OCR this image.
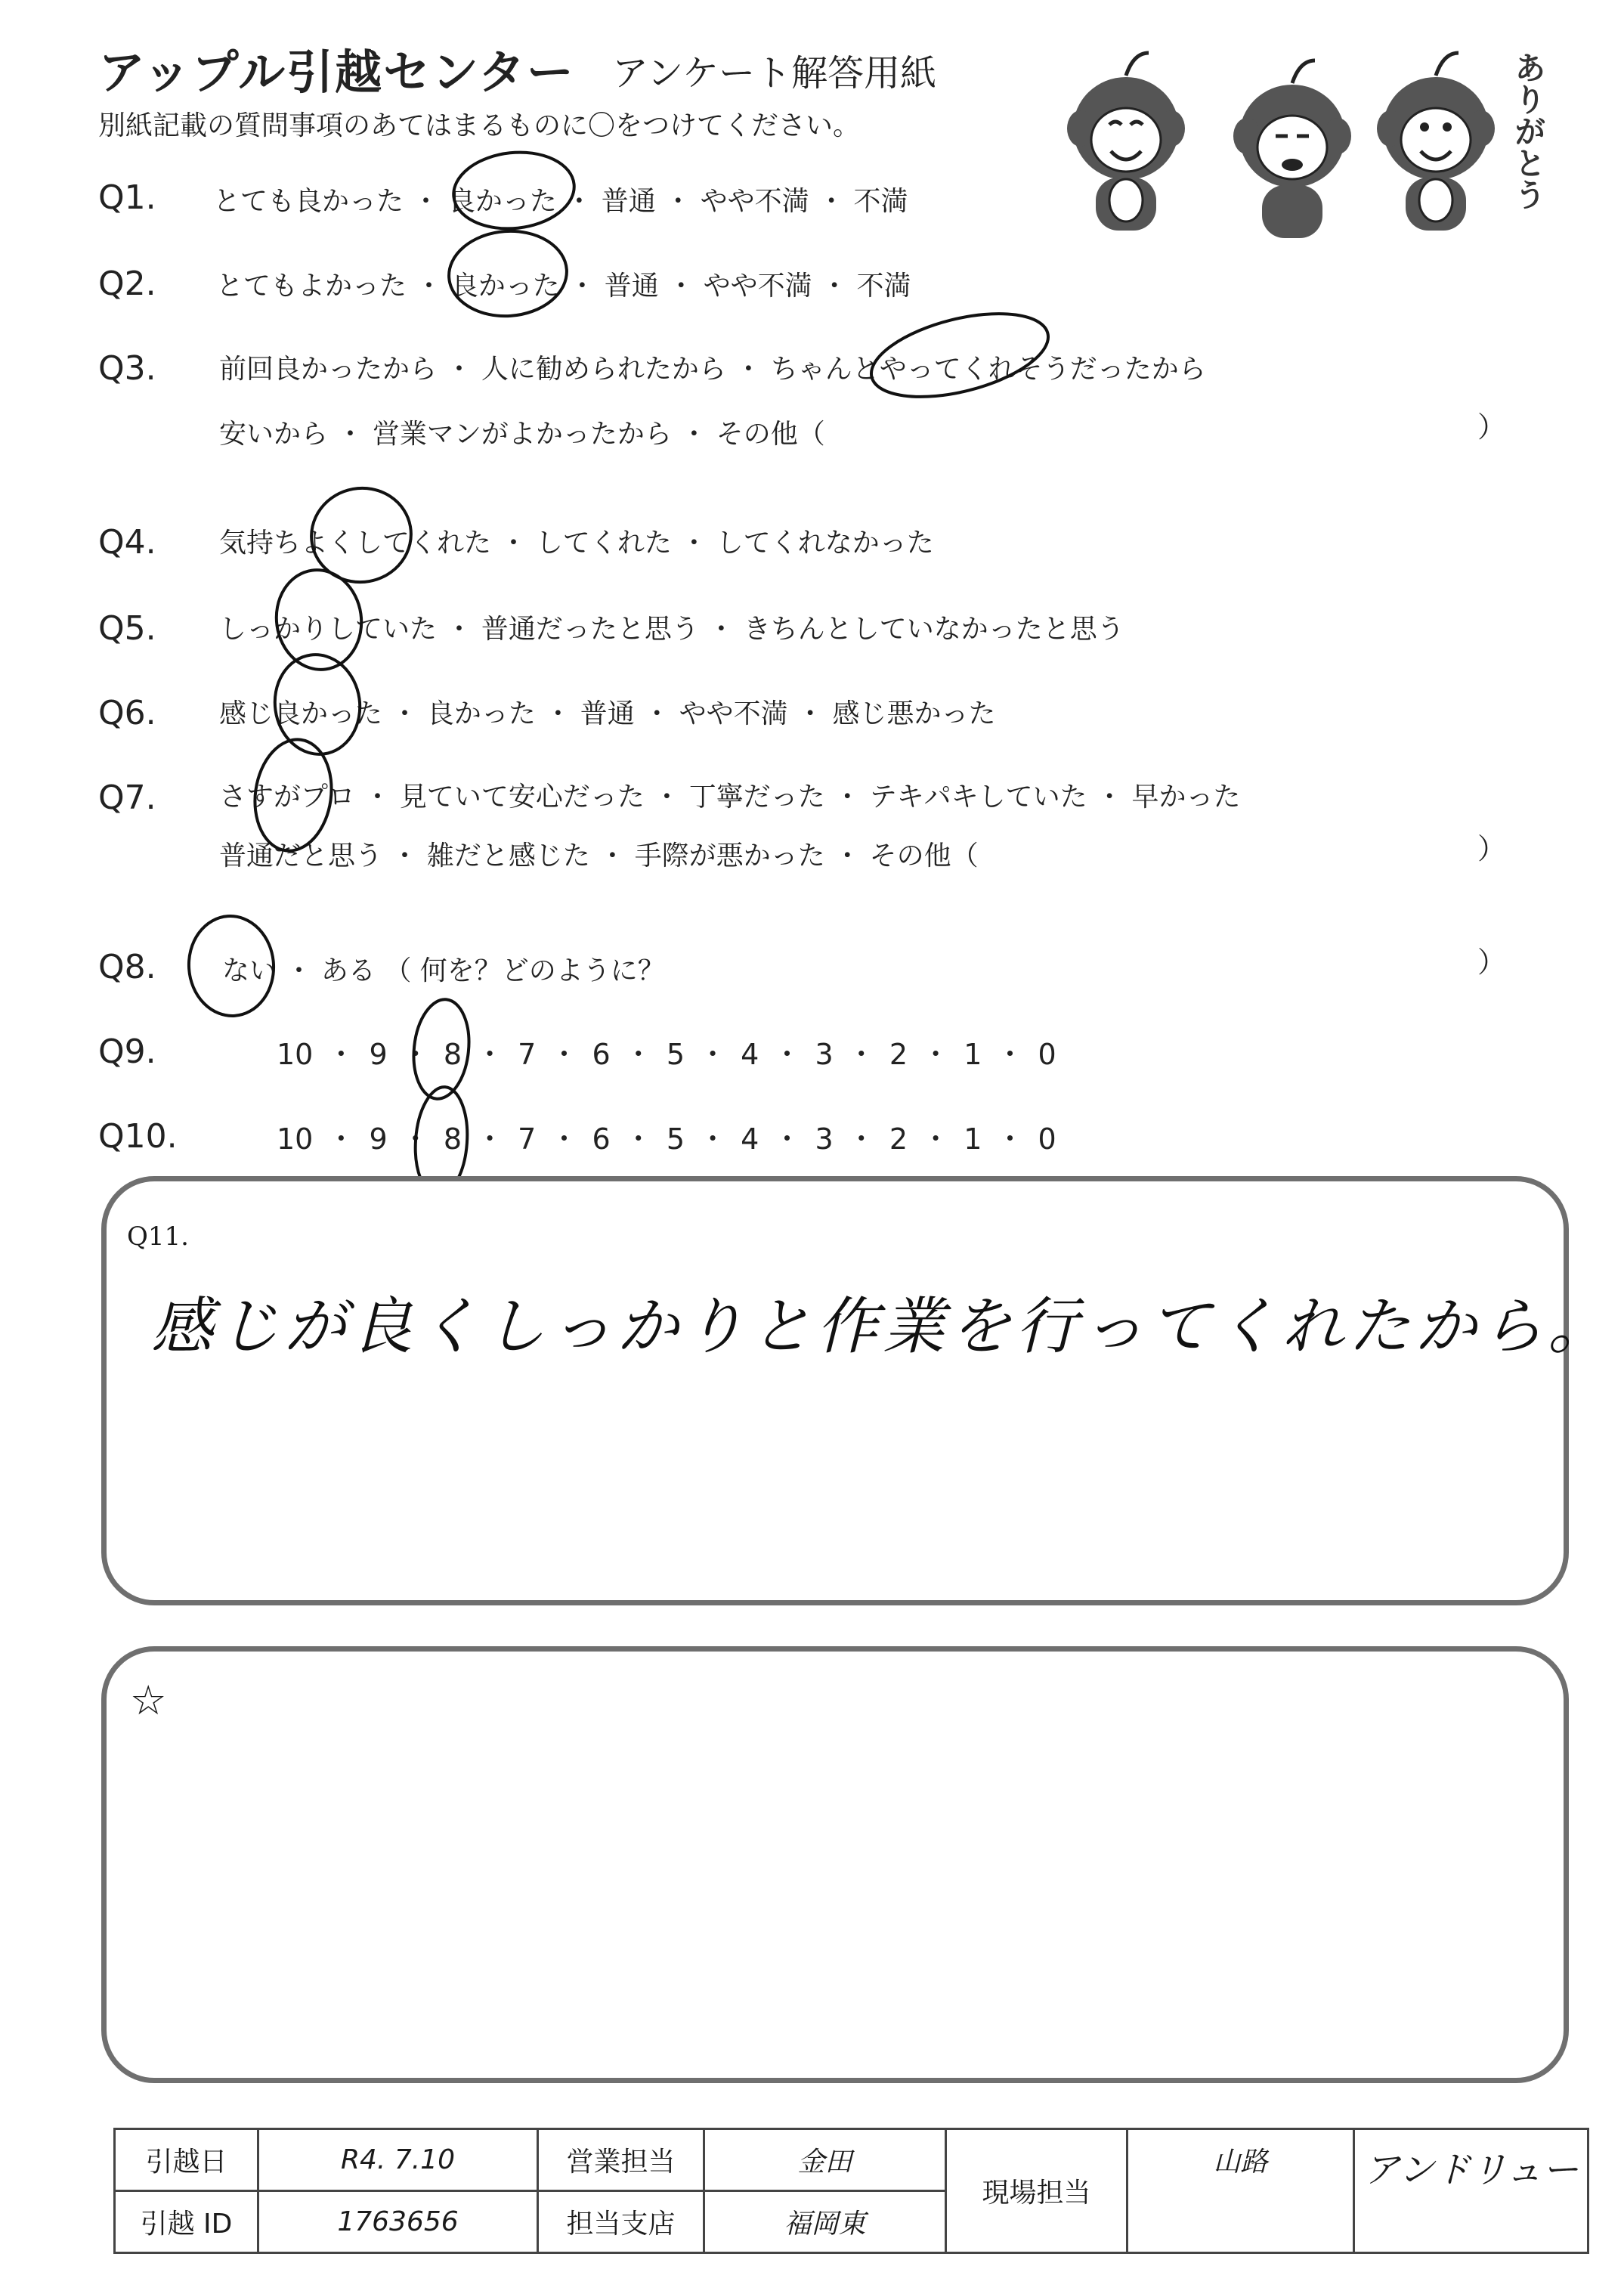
アップル引越センター アンケート解答用紙
別紙記載の質問事項のあてはまるものに〇をつけてください。	ありがとう
Q1. とても良かった ・ 良かった ・ 普通 ・ やや不満 ・ 不満
Q2. とてもよかった ・ 良かった ・ 普通 ・ やや不満 ・ 不満
Q3. 前回良かったから ・ 人に勧められたから ・ ちゃんとやってくれそうだったから
安いから ・ 営業マンがよかったから ・ その他（	）
Q4. 気持ちよくしてくれた ・ してくれた ・ してくれなかった
Q5. しっかりしていた ・ 普通だったと思う ・ きちんとしていなかったと思う
Q6. 感じ良かった ・ 良かった ・ 普通 ・ やや不満 ・ 感じ悪かった
Q7. さすがプロ ・ 見ていて安心だった ・ 丁寧だった ・ テキパキしていた ・ 早かった
普通だと思う ・ 雑だと感じた ・ 手際が悪かった ・ その他（	）
Q8. ない ・ ある （ 何を？どのように？	）
Q9.	10 ・ 9 ・ 8 ・ 7 ・ 6 ・ 5 ・ 4 ・ 3 ・ 2 ・ 1 ・ 0
Q10.	10 ・ 9 ・ 8 ・ 7 ・ 6 ・ 5 ・ 4 ・ 3 ・ 2 ・ 1 ・ 0
Q11.
感じが良くしっかりと作業を行ってくれたから。
☆
引越日	R4. 7.10	営業担当	金田	現場担当	山路	アンドリュー
引越 ID	1763656	担当支店	福岡東			
